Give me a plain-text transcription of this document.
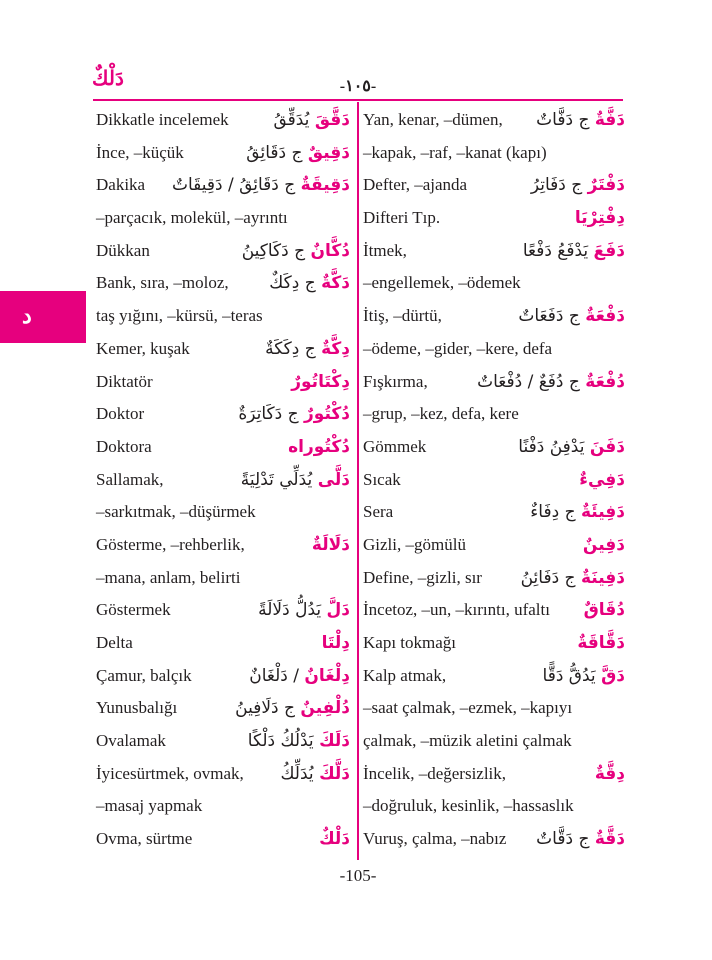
دَلْكٌ	-١٠٥-
د
Dikkatle incelemek	دَقَّقَ يُدَقِّقُ
İnce, –küçük	دَقِيقٌ ج دَقَائِقُ
Dakika	دَقِيقَةٌ ج دَقَائِقُ / دَقِيقَاتٌ
–parçacık, molekül, –ayrıntı
Dükkan	دُكَّانٌ ج دَكَاكِينُ
Bank, sıra, –moloz,	دَكَّةٌ ج دِكَكٌ
taş yığını, –kürsü, –teras
Kemer, kuşak	دِكَّةٌ ج دِكَكَةٌ
Diktatör	دِكْتَاتُورٌ
Doktor	دُكْتُورٌ ج دَكَاتِرَةٌ
Doktora	دُكْتُوراه
Sallamak,	دَلَّى يُدَلِّي تَدْلِيَةً
–sarkıtmak, –düşürmek
Gösterme, –rehberlik,	دَلَالَةٌ
–mana, anlam, belirti
Göstermek	دَلَّ يَدُلُّ دَلَالَةً
Delta	دِلْتَا
Çamur, balçık	دِلْغَانٌ / دَلْغَانٌ
Yunusbalığı	دُلْفِينٌ ج دَلَافِينُ
Ovalamak	دَلَكَ يَدْلُكُ دَلْكًا
İyicesürtmek, ovmak,	دَلَّكَ يُدَلِّكُ
–masaj yapmak
Ovma, sürtme	دَلْكٌ
Yan, kenar, –dümen,	دَفَّةٌ ج دَفَّاتٌ
–kapak, –raf, –kanat (kapı)
Defter, –ajanda	دَفْتَرٌ ج دَفَاتِرُ
Difteri Tıp.	دِفْتِرْيَا
İtmek,	دَفَعَ يَدْفَعُ دَفْعًا
–engellemek, –ödemek
İtiş, –dürtü,	دَفْعَةٌ ج دَفَعَاتٌ
–ödeme, –gider, –kere, defa
Fışkırma,	دُفْعَةٌ ج دُفَعٌ / دُفْعَاتٌ
–grup, –kez, defa, kere
Gömmek	دَفَنَ يَدْفِنُ دَفْنًا
Sıcak	دَفِيءٌ
Sera	دَفِيئَةٌ ج دِفَاءٌ
Gizli, –gömülü	دَفِينٌ
Define, –gizli, sır	دَفِينَةٌ ج دَفَائِنُ
İncetoz, –un, –kırıntı, ufaltı دُقَاقٌ
Kapı tokmağı	دَقَّاقَةٌ
Kalp atmak,	دَقَّ يَدُقُّ دَقًّا
–saat çalmak, –ezmek, –kapıyı
çalmak, –müzik aletini çalmak
İncelik, –değersizlik,	دِقَّةٌ
–doğruluk, kesinlik, –hassaslık
Vuruş, çalma, –nabız	دَقَّةٌ ج دَقَّاتٌ
-105-
